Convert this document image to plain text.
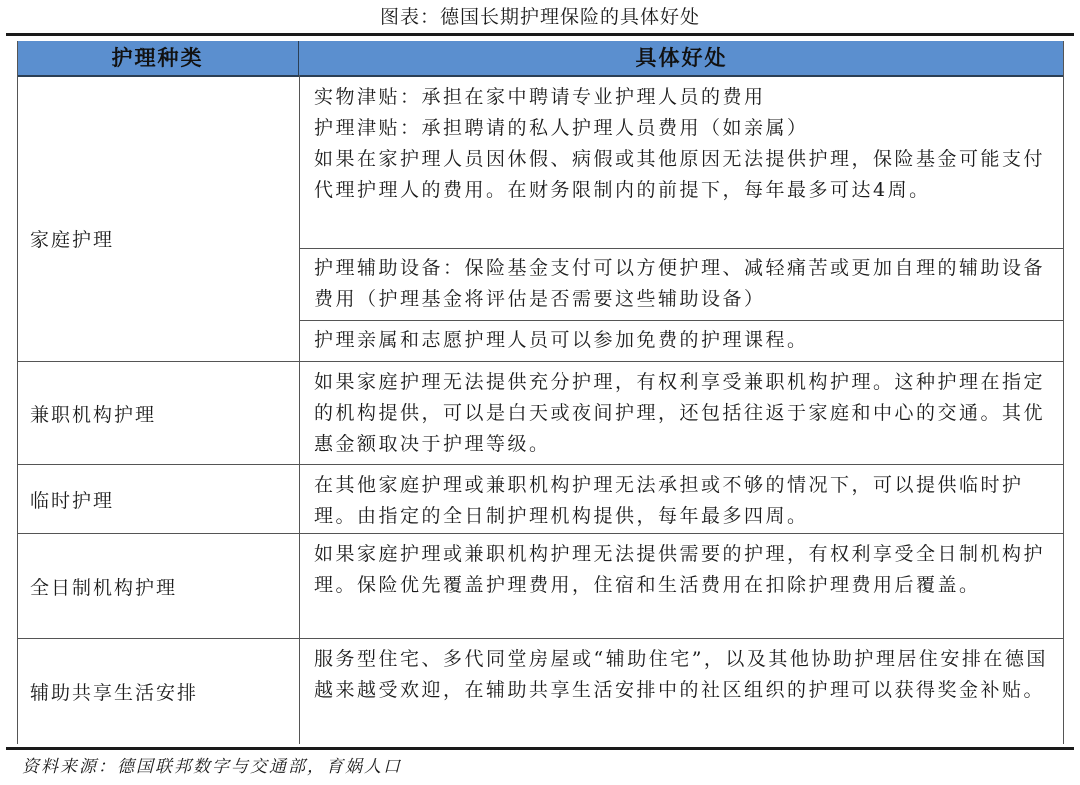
图表：德国长期护理保险的具体好处
护理种类	具体好处
家庭护理

实物津贴：承担在家中聘请专业护理人员的费用

护理津贴：承担聘请的私人护理人员费用（如亲属）

如果在家护理人员因休假、病假或其他原因无法提供护理，保险基金可能支付代理护理人的费用。在财务限制内的前提下，每年最多可达4周。

护理辅助设备：保险基金支付可以方便护理、减轻痛苦或更加自理的辅助设备费用（护理基金将评估是否需要这些辅助设备）

护理亲属和志愿护理人员可以参加免费的护理课程。

兼职机构护理

如果家庭护理无法提供充分护理，有权利享受兼职机构护理。这种护理在指定的机构提供，可以是白天或夜间护理，还包括往返于家庭和中心的交通。其优惠金额取决于护理等级。

临时护理

在其他家庭护理或兼职机构护理无法承担或不够的情况下，可以提供临时护理。由指定的全日制护理机构提供，每年最多四周。

全日制机构护理

如果家庭护理或兼职机构护理无法提供需要的护理，有权利享受全日制机构护理。保险优先覆盖护理费用，住宿和生活费用在扣除护理费用后覆盖。

辅助共享生活安排

服务型住宅、多代同堂房屋或“辅助住宅”，以及其他协助护理居住安排在德国越来越受欢迎，在辅助共享生活安排中的社区组织的护理可以获得奖金补贴。

资料来源：德国联邦数字与交通部，育娲人口
